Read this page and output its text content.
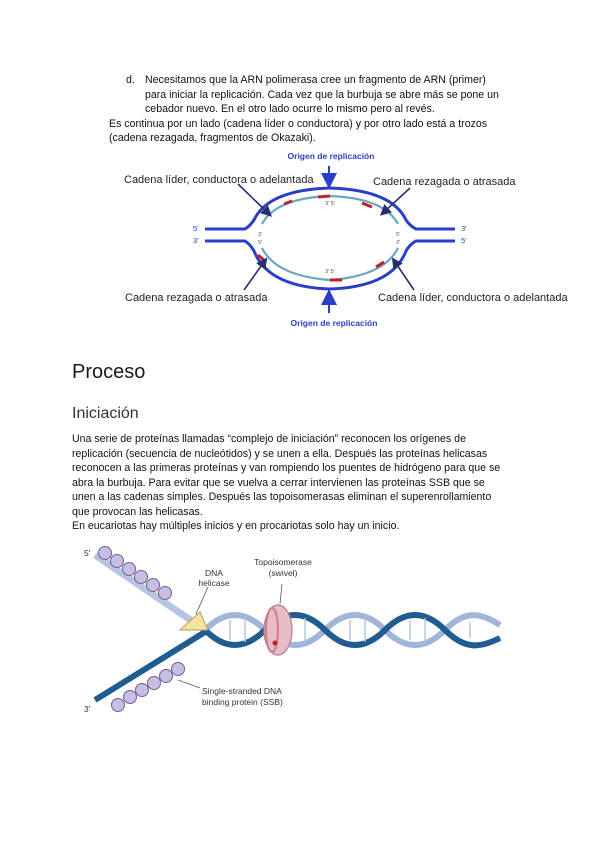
d. Necesitamos que la ARN polimerasa cree un fragmento de ARN (primer)
para iniciar la replicación. Cada vez que la burbuja se abre más se pone un
cebador nuevo. En el otro lado ocurre lo mismo pero al revés.
Es continua por un lado (cadena líder o conductora) y por otro lado está a trozos
(cadena rezagada, fragmentos de Okazaki).
Origen de replicación
Origen de replicación
5'
3'
3'
5'
3' 5'
3' 5'
3'
5'
5'
3'
Cadena líder, conductora o adelantada	Cadena rezagada o atrasada
Cadena rezagada o atrasada	Cadena líder, conductora o adelantada
Proceso
Iniciación
Una serie de proteínas llamadas “complejo de iniciación” reconocen los orígenes de
replicación (secuencia de nucleótidos) y se unen a ella. Después las proteínas helicasas
reconocen a las primeras proteínas y van rompiendo los puentes de hidrógeno para que se
abra la burbuja. Para evitar que se vuelva a cerrar intervienen las proteínas SSB que se
unen a las cadenas simples. Después las topoisomerasas eliminan el superenrollamiento
que provocan las helicasas.
En eucariotas hay múltiples inicios y en procariotas solo hay un inicio.
5'
3'
DNA
helicase
Topoisomerase
(swivel)
Single-stranded DNA
binding protein (SSB)
